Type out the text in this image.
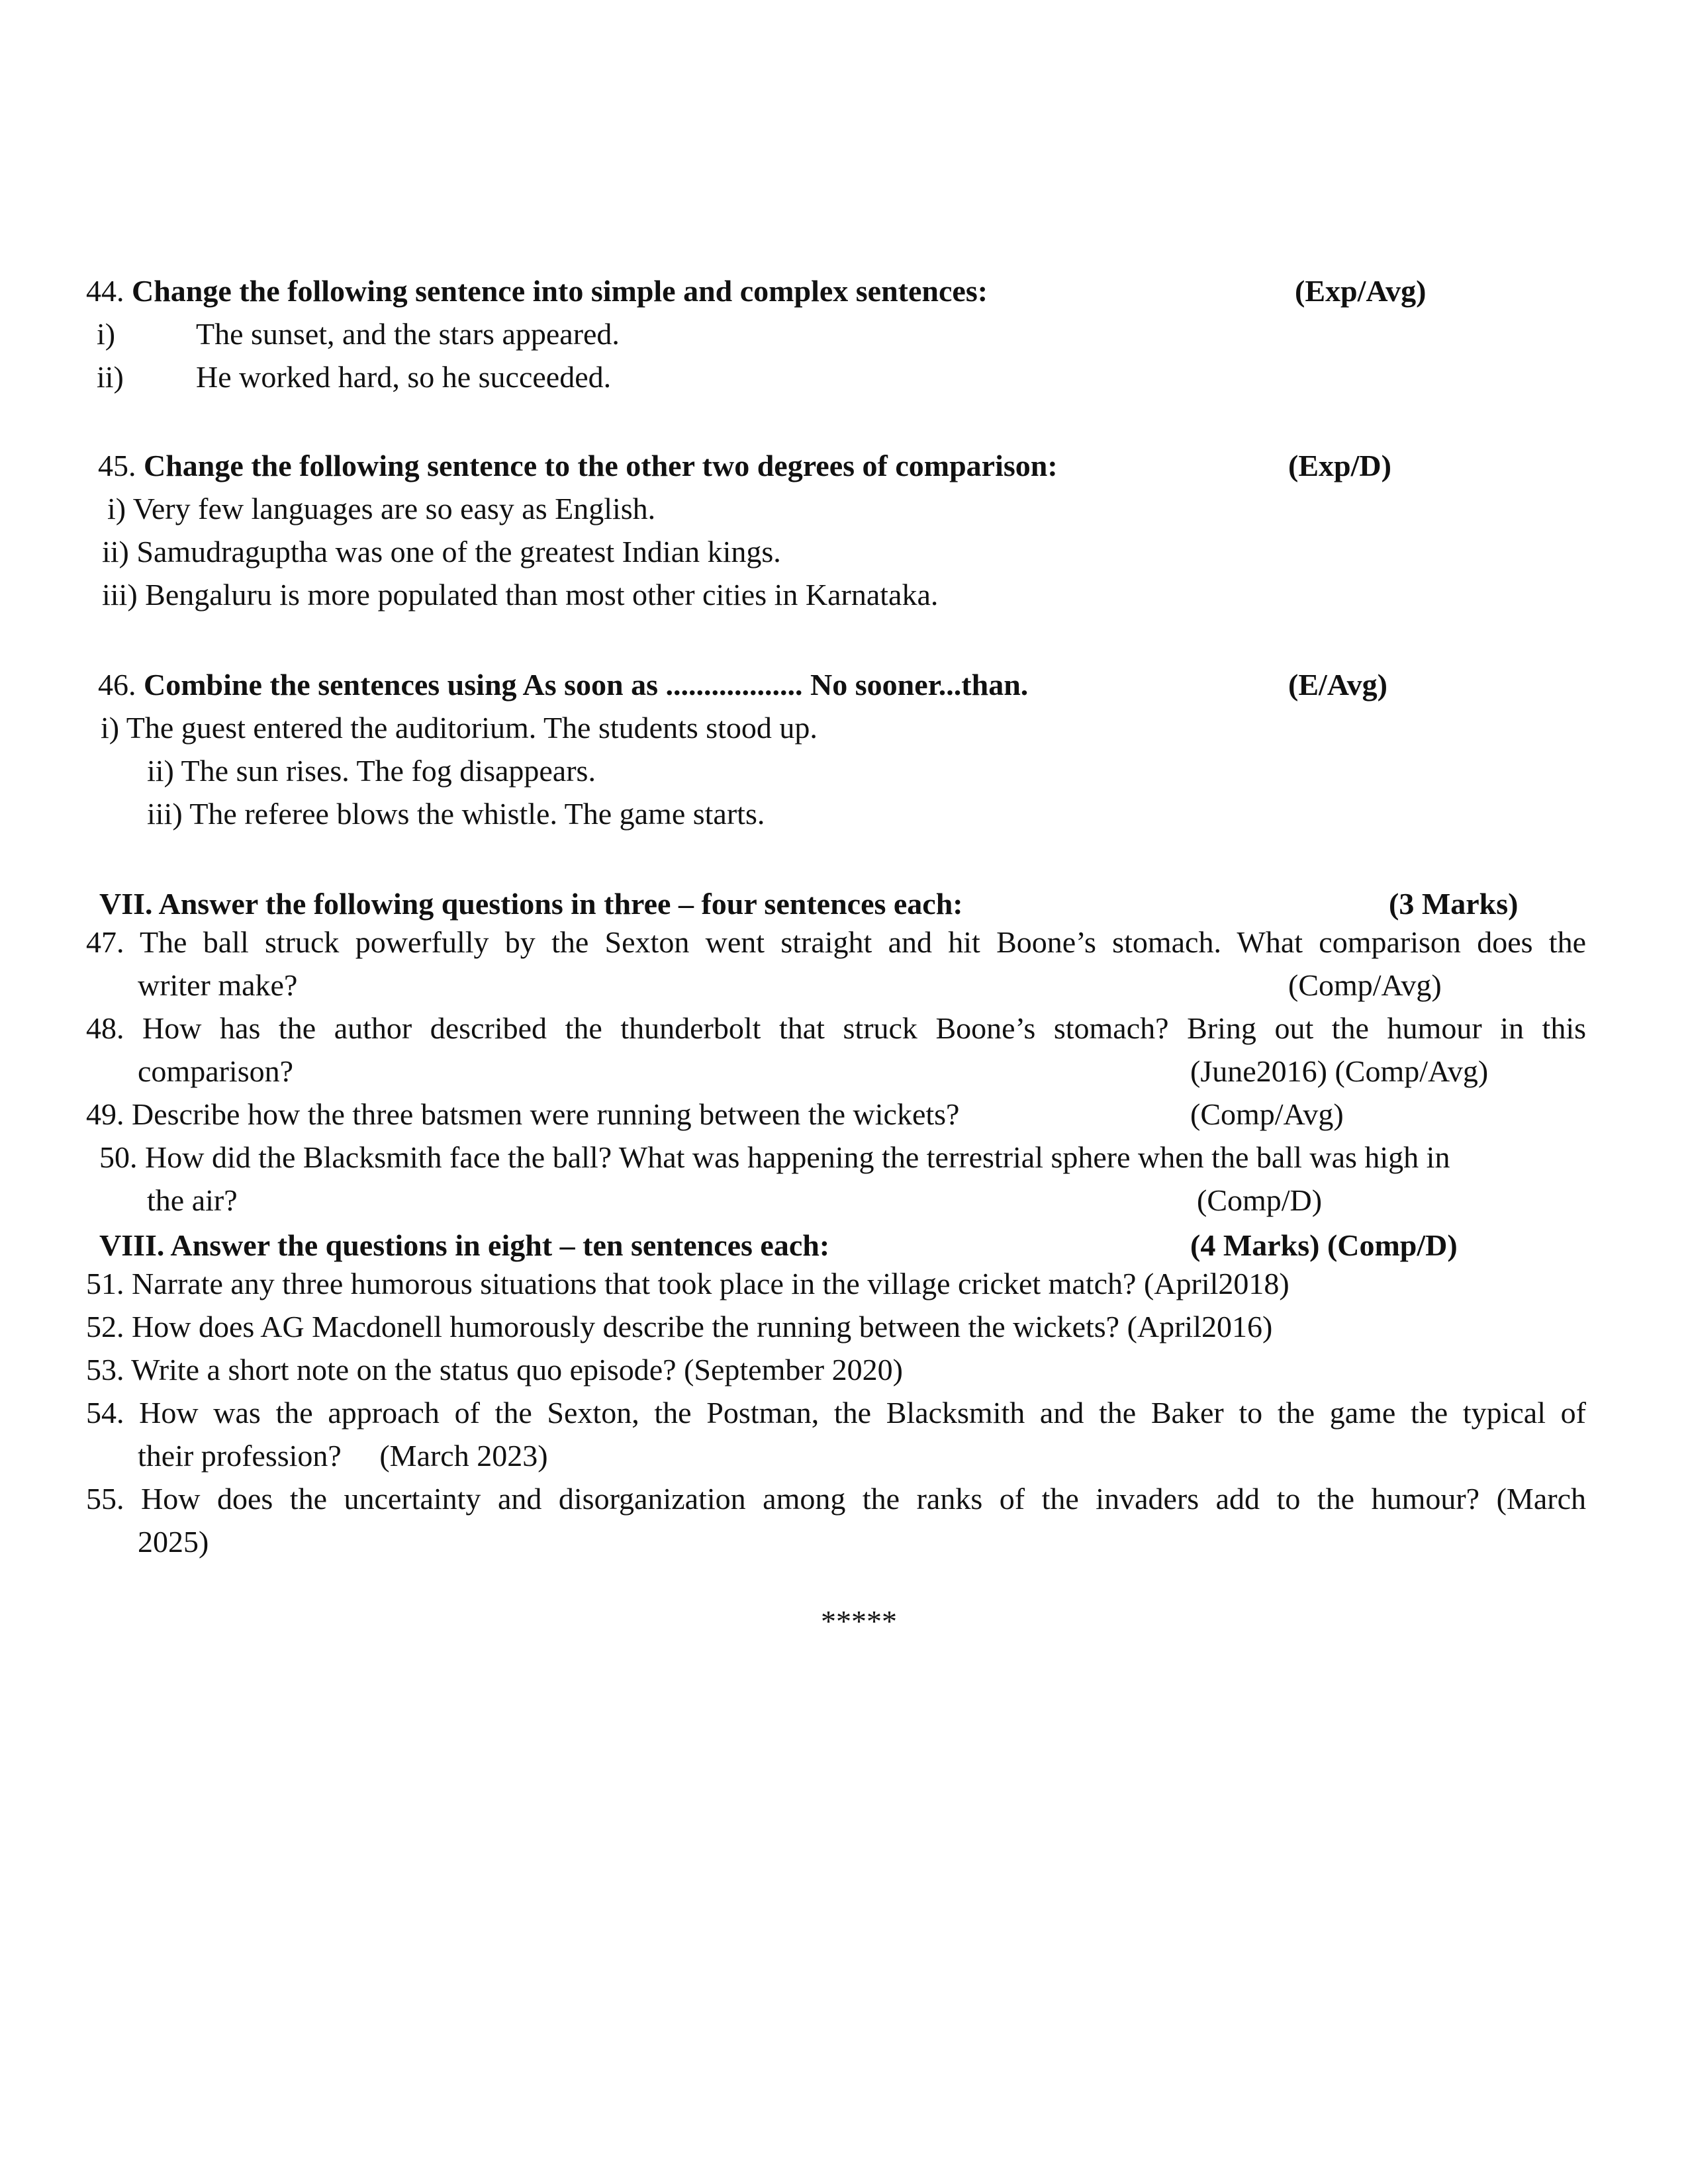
44. Change the following sentence into simple and complex sentences:	(Exp/Avg)
i)	The sunset, and the stars appeared.
ii) He worked hard, so he succeeded.
45. Change the following sentence to the other two degrees of comparison:	(Exp/D)
i) Very few languages are so easy as English.
ii) Samudraguptha was one of the greatest Indian kings.
iii) Bengaluru is more populated than most other cities in Karnataka.
46. Combine the sentences using As soon as .................. No sooner...than.	(E/Avg)
i) The guest entered the auditorium. The students stood up.
ii) The sun rises. The fog disappears.
iii) The referee blows the whistle. The game starts.
VII. Answer the following questions in three – four sentences each:	(3 Marks)
47. The ball struck powerfully by the Sexton went straight and hit Boone’s stomach. What comparison does the
writer make?	(Comp/Avg)
48. How has the author described the thunderbolt that struck Boone’s stomach? Bring out the humour in this
comparison?	(June2016) (Comp/Avg)
49. Describe how the three batsmen were running between the wickets?	(Comp/Avg)
50. How did the Blacksmith face the ball? What was happening the terrestrial sphere when the ball was high in
the air?	(Comp/D)
VIII. Answer the questions in eight – ten sentences each:	(4 Marks) (Comp/D)
51. Narrate any three humorous situations that took place in the village cricket match? (April2018)
52. How does AG Macdonell humorously describe the running between the wickets? (April2016)
53. Write a short note on the status quo episode? (September 2020)
54. How was the approach of the Sexton, the Postman, the Blacksmith and the Baker to the game the typical of
their profession?     (March 2023)
55. How does the uncertainty and disorganization among the ranks of the invaders add to the humour? (March
2025)
*****
